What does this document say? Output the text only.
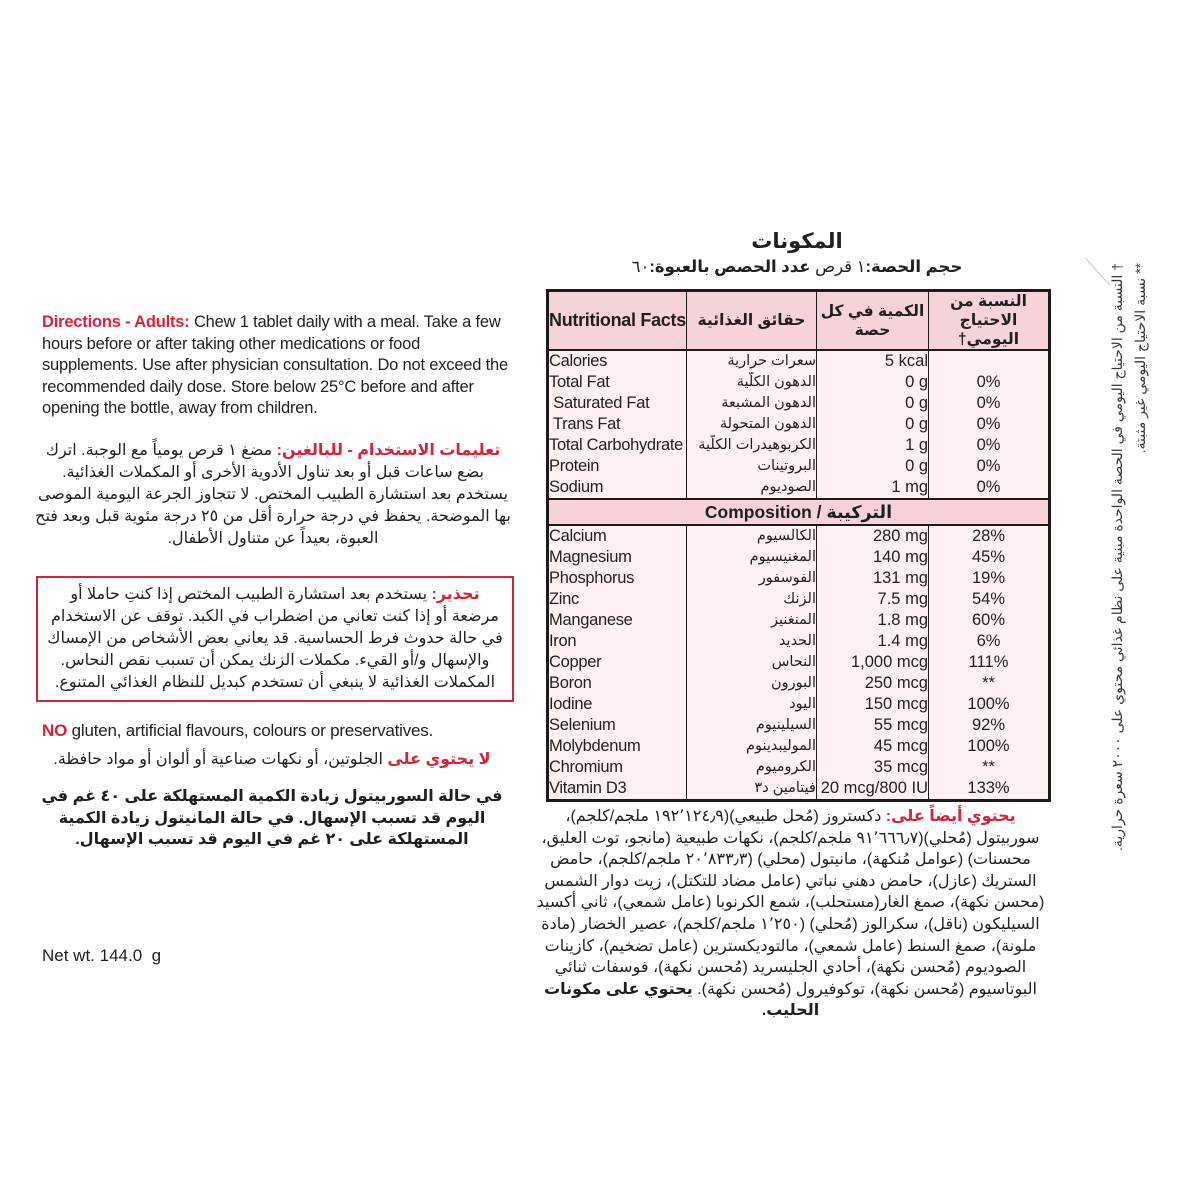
Directions - Adults: Chew 1 tablet daily with a meal. Take a few hours before or after taking other medications or food supplements. Use after physician consultation. Do not exceed the recommended daily dose. Store below 25°C before and after opening the bottle, away from children.
تعليمات الاستخدام - للبالغين: مضغ ١ قرص يومياً مع الوجبة. اترك بضع ساعات قبل أو بعد تناول الأدوية الأخرى أو المكملات الغذائية. يستخدم بعد استشارة الطبيب المختص. لا تتجاوز الجرعة اليومية الموصى بها الموضحة. يحفظ في درجة حرارة أقل من ٢٥ درجة مئوية قبل وبعد فتح العبوة، بعيداً عن متناول الأطفال.
تحذير: يستخدم بعد استشارة الطبيب المختص إذا كنتِ حاملا أو مرضعة أو إذا كنت تعاني من اضطراب في الكبد. توقف عن الاستخدام في حالة حدوث فرط الحساسية. قد يعاني بعض الأشخاص من الإمساك والإسهال و/أو القيء. مكملات الزنك يمكن أن تسبب نقص النحاس. المكملات الغذائية لا ينبغي أن تستخدم كبديل للنظام الغذائي المتنوع.
NO gluten, artificial flavours, colours or preservatives.
لا يحتوي على الجلوتين، أو نكهات صناعية أو ألوان أو مواد حافظة.
في حالة السوربيتول زيادة الكمية المستهلكة على ٤٠ غم في اليوم قد تسبب الإسهال. في حالة المانيتول زيادة الكمية المستهلكة على ٢٠ غم في اليوم قد تسبب الإسهال.
Net wt. 144.0  g
المكونات
حجم الحصة:١ قرص عدد الحصص بالعبوة:٦٠
Nutritional Facts	حقائق الغذائية	الكمية في كل حصة	النسبة من الاحتياج اليومي†
Calories	سعرات حرارية	5 kcal	
Total Fat	الدهون الكلّية	0 g	0%
Saturated Fat	الدهون المشبعة	0 g	0%
Trans Fat	الدهون المتحولة	0 g	0%
Total Carbohydrate	الكربوهيدرات الكلّية	1 g	0%
Protein	البروتينات	0 g	0%
Sodium	الصوديوم	1 mg	0%
Composition / التركيبة			
Calcium	الكالسيوم	280 mg	28%
Magnesium	المغنيسيوم	140 mg	45%
Phosphorus	الفوسفور	131 mg	19%
Zinc	الزنك	7.5 mg	54%
Manganese	المنغنيز	1.8 mg	60%
Iron	الحديد	1.4 mg	6%
Copper	النحاس	1,000 mcg	111%
Boron	البورون	250 mcg	**
Iodine	اليود	150 mcg	100%
Selenium	السيلينيوم	55 mcg	92%
Molybdenum	الموليبدينوم	45 mcg	100%
Chromium	الكروميوم	35 mcg	**
Vitamin D3	فيتامين د٣	20 mcg/800 IU	133%
يحتوي أيضاً على: دكستروز (مُحل طبيعي)(١٩٢٬١٢٤٫٩ ملجم/كلجم)، سوربيتول (مُحلي)(٩١٬٦٦٦٫٧ ملجم/كلجم)، نكهات طبيعية (مانجو، توت العليق، محسنات) (عوامل مُنكهة)، مانيتول (محلي) (٢٠٬٨٣٣٫٣ ملجم/كلجم)، حامض الستريك (عازل)، حامض دهني نباتي (عامل مضاد للتكتل)، زيت دوار الشمس (محسن نكهة)، صمغ الغار(مستحلب)، شمع الكرنوبا (عامل شمعي)، ثاني أكسيد السيليكون (ناقل)، سكرالوز (مُحلي) (١٬٢٥٠ ملجم/كلجم)، عصير الخضار (مادة ملونة)، صمغ السنط (عامل شمعي)، مالتوديكسترين (عامل تضخيم)، كازينات الصوديوم (مُحسن نكهة)، أحادي الجليسريد (مُحسن نكهة)، فوسفات ثنائي البوتاسيوم (مُحسن نكهة)، توكوفيرول (مُحسن نكهة). يحتوي على مكونات الحليب.
† النسبة من الاحتياج اليومي في الحصة الواحدة مبنية على نظام غذائي محتوي على ٢٠٠٠ سعرة حرارية. ** نسبة الاحتياج اليومي غير مثبتة.
